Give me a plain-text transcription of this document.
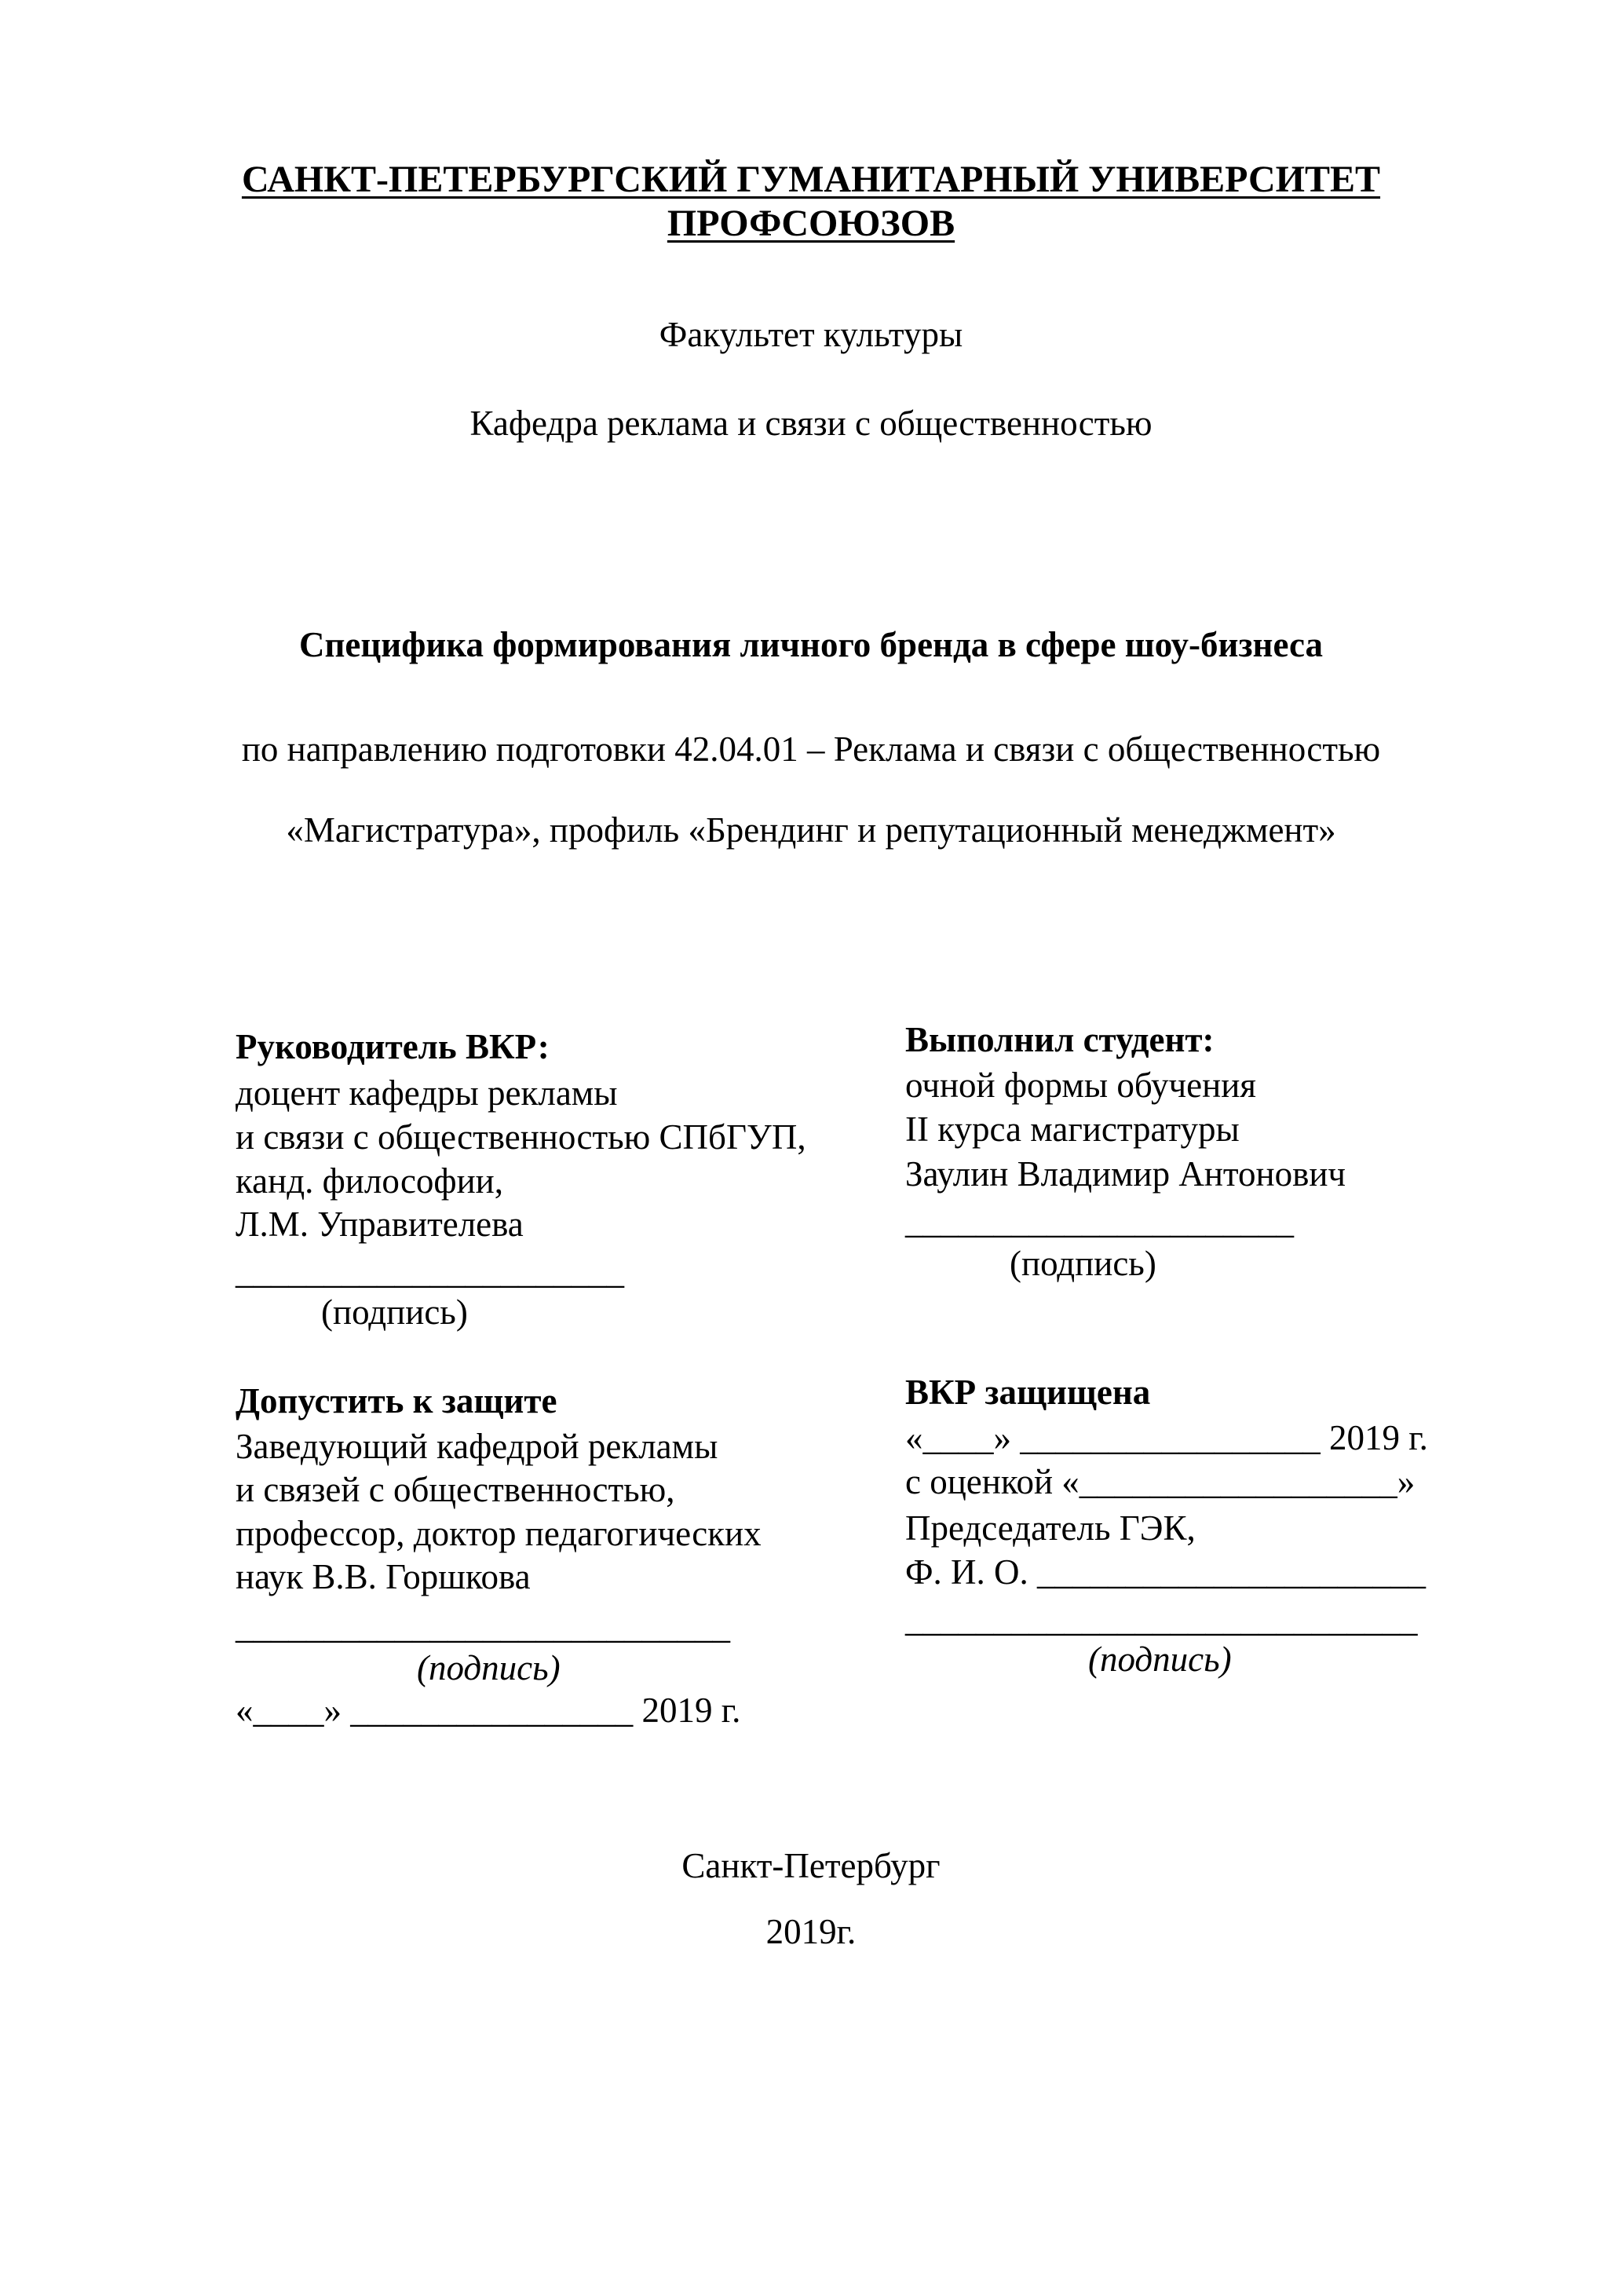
САНКТ-ПЕТЕРБУРГСКИЙ ГУМАНИТАРНЫЙ УНИВЕРСИТЕТ
ПРОФСОЮЗОВ
Факультет культуры
Кафедра реклама и связи с общественностью
Специфика формирования личного бренда в сфере шоу-бизнеса
по направлению подготовки 42.04.01 – Реклама и связи с общественностью
«Магистратура», профиль «Брендинг и репутационный менеджмент»
Руководитель ВКР:
доцент кафедры рекламы
и связи с общественностью СПбГУП,
канд. философии,
Л.М. Управителева
______________________
(подпись)
Выполнил студент:
очной формы обучения
II курса магистратуры
Заулин Владимир Антонович
______________________
(подпись)
Допустить к защите
Заведующий кафедрой рекламы
и связей с общественностью,
профессор, доктор педагогических
наук В.В. Горшкова
____________________________
(подпись)
«____» ________________ 2019 г.
ВКР защищена
«____» _________________ 2019 г.
с оценкой «__________________»
Председатель ГЭК,
Ф. И. О. ______________________
_____________________________
(подпись)
Санкт-Петербург
2019г.
